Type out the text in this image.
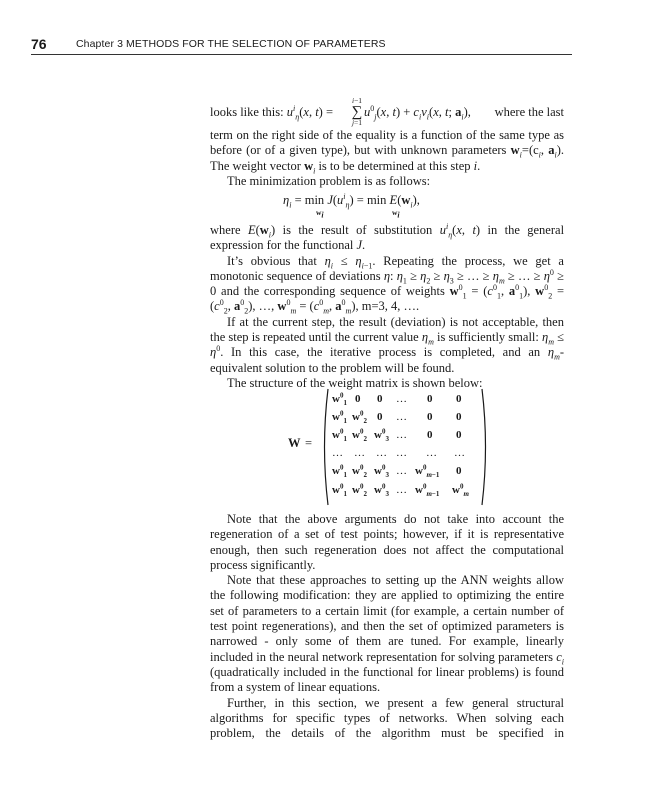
76	Chapter 3 METHODS FOR THE SELECTION OF PARAMETERS
looks like this: $u^i_\eta(x$, t) =
i−1
∑
j=1
$u^0_j(x$, $t) + c_iv_i(x$, t; $a_i$), where the last

term on the right side of the equality is a function of the same type as before (or of a given type), but with unknown parameters $w_i=(c_i$, $a_i$). The weight vector $w_i$ is to be determined at this step i.

The minimization problem is as follows:

$\eta_i = \min J(u^i_\eta) = \min E(w_i)$,
$w_i$	$w_i$

where $E(w_i)$ is the result of substitution $u^i_\eta(x$, t) in the general expression for the functional J.

It’s obvious that $\eta_i \le \eta_{i-1}$. Repeating the process, we get a monotonic sequence of deviations η: $\eta_1 \ge \eta_2 \ge \eta_3$ ≥ … ≥ $\eta_m$ ≥ … ≥ $\eta^0 \ge 0$ and the corresponding sequence of weights $w^0_1 = (c^0_1$, $a^0_1$), $w^0_2 = (c^0_2$, $a^0_2$), …, $w^0_m = (c^0_m$, $a^0_m$), m=3, 4, ….

If at the current step, the result (deviation) is not acceptable, then the step is repeated until the current value $\eta_m$ is sufficiently small: $\eta_m \le \eta^0$. In this case, the iterative process is completed, and an $\eta_m$-equivalent solution to the problem will be found.

The structure of the weight matrix is shown below:

W =
$w^0_1$ 0 0 … 0 0
$w^0_1$ $w^0_2$ 0 … 0 0
$w^0_1$ $w^0_2$ $w^0_3$ … 0 0
… … … … … …
$w^0_1$ $w^0_2$ $w^0_3$ … $w^0_{m-1}$ 0
$w^0_1$ $w^0_2$ $w^0_3$ … $w^0_{m-1}$ $w^0_m$

Note that the above arguments do not take into account the regeneration of a set of test points; however, if it is representative enough, then such regeneration does not affect the computational process significantly.

Note that these approaches to setting up the ANN weights allow the following modification: they are applied to optimizing the entire set of parameters to a certain limit (for example, a certain number of test point regenerations), and then the set of optimized parameters is narrowed - only some of them are tuned. For example, linearly included in the neural network representation for solving parameters $c_i$ (quadratically included in the functional for linear problems) is found from a system of linear equations.

Further, in this section, we present a few general structural algorithms for specific types of networks. When solving each problem, the details of the algorithm must be specified in
